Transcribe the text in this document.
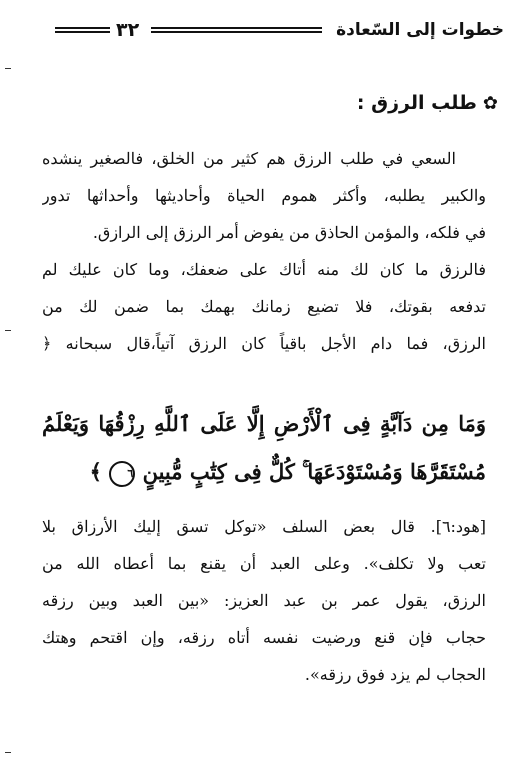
خطوات إلى السّعادة
٣٢
✿
طلب الرزق :
السعي في طلب الرزق هم كثير من الخلق، فالصغير ينشده
والكبير يطلبه، وأكثر هموم الحياة وأحاديثها وأحداثها تدور
في فلكه، والمؤمن الحاذق من يفوض أمر الرزق إلى الرازق.
فالرزق ما كان لك منه أتاك على ضعفك، وما كان عليك لم
تدفعه بقوتك، فلا تضيع زمانك بهمك بما ضمن لك من
الرزق، فما دام الأجل باقياً كان الرزق آتياً،قال سبحانه ﴿
وَمَا مِن دَآبَّةٍ فِى ٱلْأَرْضِ إِلَّا عَلَى ٱللَّهِ رِزْقُهَا وَيَعْلَمُ
مُسْتَقَرَّهَا وَمُسْتَوْدَعَهَا ۚ كُلٌّ فِى كِتَٰبٍ مُّبِينٍ ٦ ﴾
[هود:٦]. قال بعض السلف «توكل تسق إليك الأرزاق بلا
تعب ولا تكلف». وعلى العبد أن يقنع بما أعطاه الله من
الرزق، يقول عمر بن عبد العزيز: «بين العبد وبين رزقه
حجاب فإن قنع ورضيت نفسه أتاه رزقه، وإن اقتحم وهتك
الحجاب لم يزد فوق رزقه».
